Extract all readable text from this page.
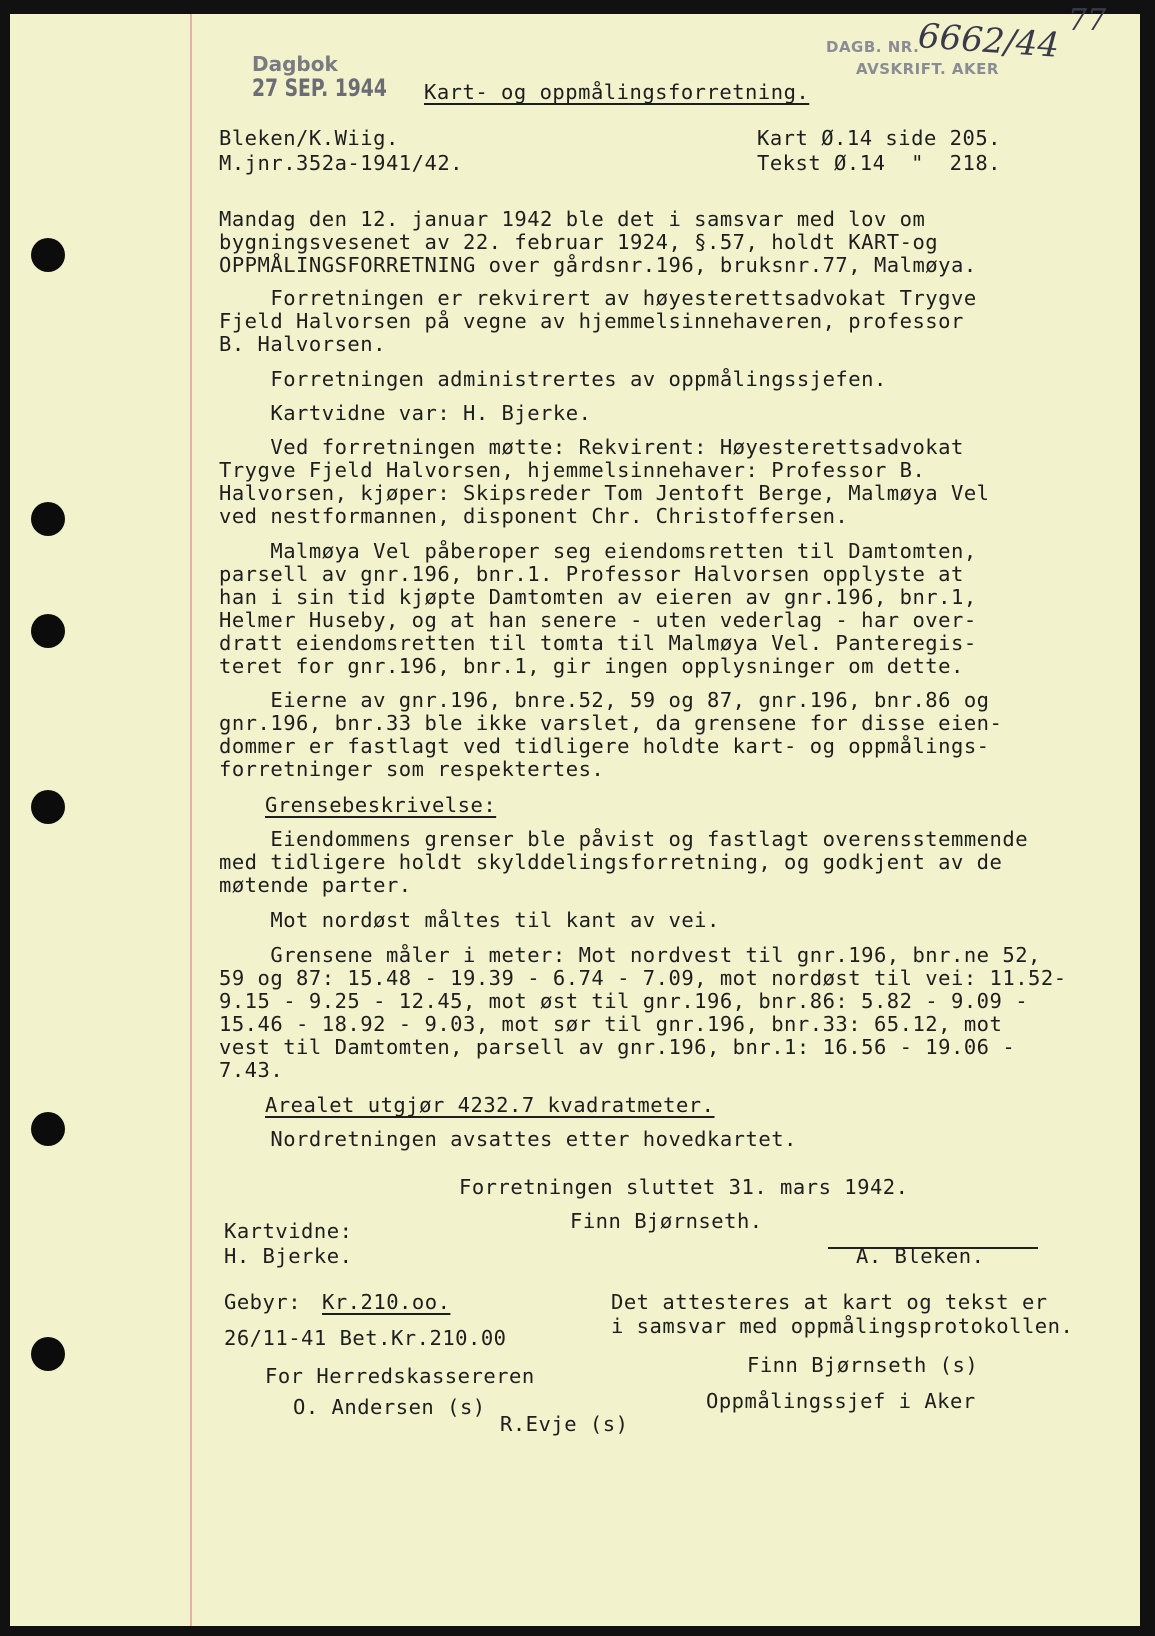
Dagbok
27 SEP. 1944
DAGB. NR.
AVSKRIFT. AKER
6662/44 77
Kart- og oppmålingsforretning.
Bleken/K.Wiig.
M.jnr.352a-1941/42.
Kart Ø.14 side 205.
Tekst Ø.14  "  218.
Mandag den 12. januar 1942 ble det i samsvar med lov om
bygningsvesenet av 22. februar 1924, §.57, holdt KART-og
OPPMÅLINGSFORRETNING over gårdsnr.196, bruksnr.77, Malmøya.
Forretningen er rekvirert av høyesterettsadvokat Trygve
Fjeld Halvorsen på vegne av hjemmelsinnehaveren, professor
B. Halvorsen.
Forretningen administrertes av oppmålingssjefen.
Kartvidne var: H. Bjerke.
Ved forretningen møtte: Rekvirent: Høyesterettsadvokat
Trygve Fjeld Halvorsen, hjemmelsinnehaver: Professor B.
Halvorsen, kjøper: Skipsreder Tom Jentoft Berge, Malmøya Vel
ved nestformannen, disponent Chr. Christoffersen.
Malmøya Vel påberoper seg eiendomsretten til Damtomten,
parsell av gnr.196, bnr.1. Professor Halvorsen opplyste at
han i sin tid kjøpte Damtomten av eieren av gnr.196, bnr.1,
Helmer Huseby, og at han senere - uten vederlag - har over-
dratt eiendomsretten til tomta til Malmøya Vel. Panteregis-
teret for gnr.196, bnr.1, gir ingen opplysninger om dette.
Eierne av gnr.196, bnre.52, 59 og 87, gnr.196, bnr.86 og
gnr.196, bnr.33 ble ikke varslet, da grensene for disse eien-
dommer er fastlagt ved tidligere holdte kart- og oppmålings-
forretninger som respektertes.
Grensebeskrivelse:
Eiendommens grenser ble påvist og fastlagt overensstemmende
med tidligere holdt skylddelingsforretning, og godkjent av de
møtende parter.
Mot nordøst måltes til kant av vei.
Grensene måler i meter: Mot nordvest til gnr.196, bnr.ne 52,
59 og 87: 15.48 - 19.39 - 6.74 - 7.09, mot nordøst til vei: 11.52-
9.15 - 9.25 - 12.45, mot øst til gnr.196, bnr.86: 5.82 - 9.09 -
15.46 - 18.92 - 9.03, mot sør til gnr.196, bnr.33: 65.12, mot
vest til Damtomten, parsell av gnr.196, bnr.1: 16.56 - 19.06 -
7.43.
Arealet utgjør 4232.7 kvadratmeter.
Nordretningen avsattes etter hovedkartet.
Forretningen sluttet 31. mars 1942.
Finn Bjørnseth.
Kartvidne:
H. Bjerke.	A. Bleken.
Gebyr: Kr.210.oo.
26/11-41 Bet.Kr.210.00
For Herredskassereren
O. Andersen (s)
R.Evje (s)
Det attesteres at kart og tekst er
i samsvar med oppmålingsprotokollen.
Finn Bjørnseth (s)
Oppmålingssjef i Aker
